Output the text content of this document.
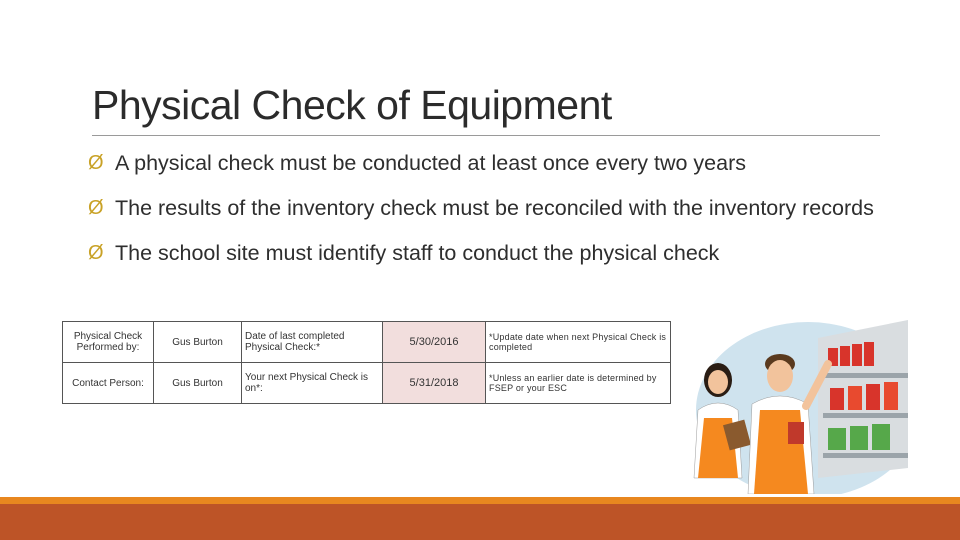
Physical Check of Equipment
Ø A physical check must be conducted at least once every two years
Ø The results of the inventory check must be reconciled with the inventory records
Ø The school site must identify staff to conduct the physical check
Physical Check Performed by:	Gus Burton	Date of last completed Physical Check:*	5/30/2016	*Update date when next Physical Check is completed
Contact Person:	Gus Burton	Your next Physical Check is on*:	5/31/2018	*Unless an earlier date is determined by FSEP or your ESC
